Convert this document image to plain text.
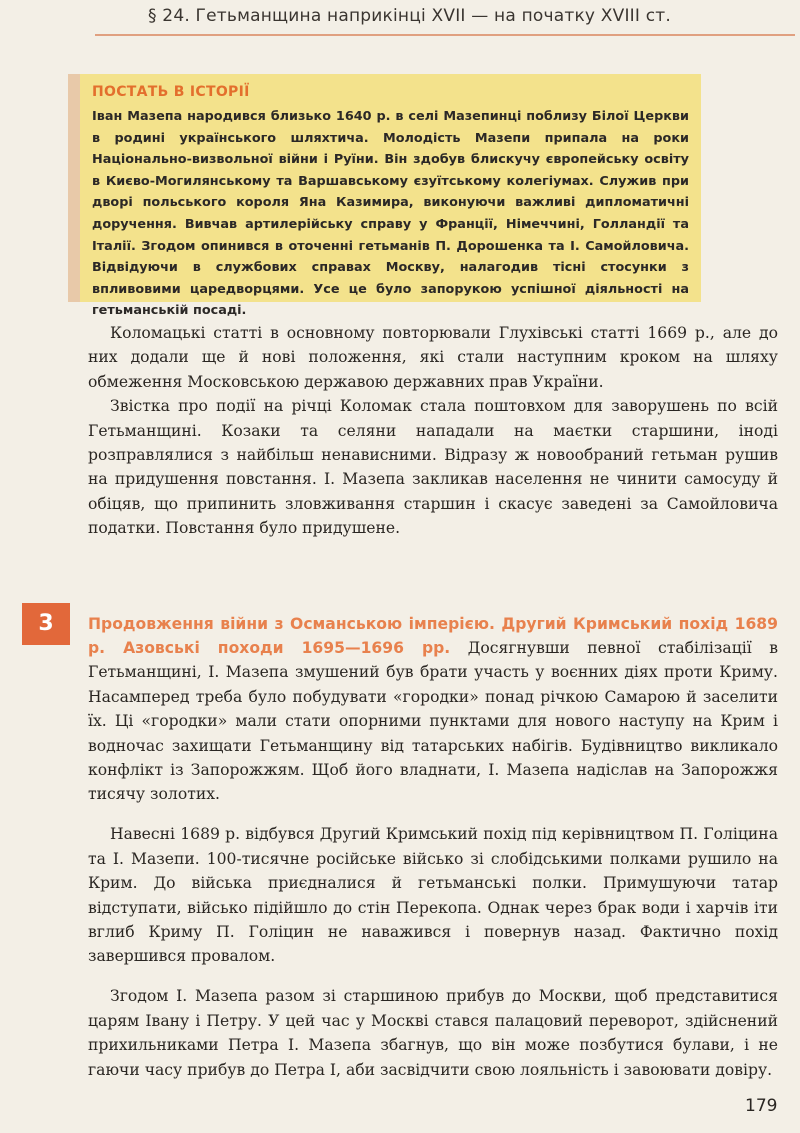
§ 24. Гетьманщина наприкінці XVII — на початку XVIII ст.
ПОСТАТЬ В ІСТОРІЇ

Іван Мазепа народився близько 1640 р. в селі Мазепинці поблизу Білої Церкви в родині українського шляхтича. Молодість Мазепи припала на роки Національно-визвольної війни і Руїни. Він здобув блискучу європейську освіту в Києво-Могилянському та Варшавському єзуїтському колегіумах. Служив при дворі польського короля Яна Казимира, виконуючи важливі дипломатичні доручення. Вивчав артилерійську справу у Франції, Німеччині, Голландії та Італії. Згодом опинився в оточенні гетьманів П. Дорошенка та І. Самойловича. Відвідуючи в службових справах Москву, налагодив тісні стосунки з впливовими царедворцями. Усе це було запорукою успішної діяльності на гетьманській посаді.

Коломацькі статті в основному повторювали Глухівські статті 1669 р., але до них додали ще й нові положення, які стали наступним кроком на шляху обмеження Московською державою державних прав України.

Звістка про події на річці Коломак стала поштовхом для заворушень по всій Гетьманщині. Козаки та селяни нападали на маєтки старшини, іноді розправлялися з найбільш ненависними. Відразу ж новообраний гетьман рушив на придушення повстання. І. Мазепа закликав населення не чинити самосуду й обіцяв, що припинить зловживання старшин і скасує заведені за Самойловича податки. Повстання було придушене.

3	Продовження війни з Османською імперією. Другий Кримський похід 1689 р. Азовські походи 1695—1696 рр. Досягнувши певної стабілізації в Гетьманщині, І. Мазепа змушений був брати участь у воєнних діях проти Криму. Насамперед треба було побудувати «городки» понад річкою Самарою й заселити їх. Ці «городки» мали стати опорними пунктами для нового наступу на Крим і водночас захищати Гетьманщину від татарських набігів. Будівництво викликало конфлікт із Запорожжям. Щоб його владнати, І. Мазепа надіслав на Запорожжя тисячу золотих.

Навесні 1689 р. відбувся Другий Кримський похід під керівництвом П. Голіцина та І. Мазепи. 100-тисячне російське військо зі слобідськими полками рушило на Крим. До війська приєдналися й гетьманські полки. Примушуючи татар відступати, військо підійшло до стін Перекопа. Однак через брак води і харчів іти вглиб Криму П. Голіцин не наважився і повернув назад. Фактично похід завершився провалом.

Згодом І. Мазепа разом зі старшиною прибув до Москви, щоб представитися царям Івану і Петру. У цей час у Москві стався палацовий переворот, здійснений прихильниками Петра І. Мазепа збагнув, що він може позбутися булави, і не гаючи часу прибув до Петра І, аби засвідчити свою лояльність і завоювати довіру.

179
